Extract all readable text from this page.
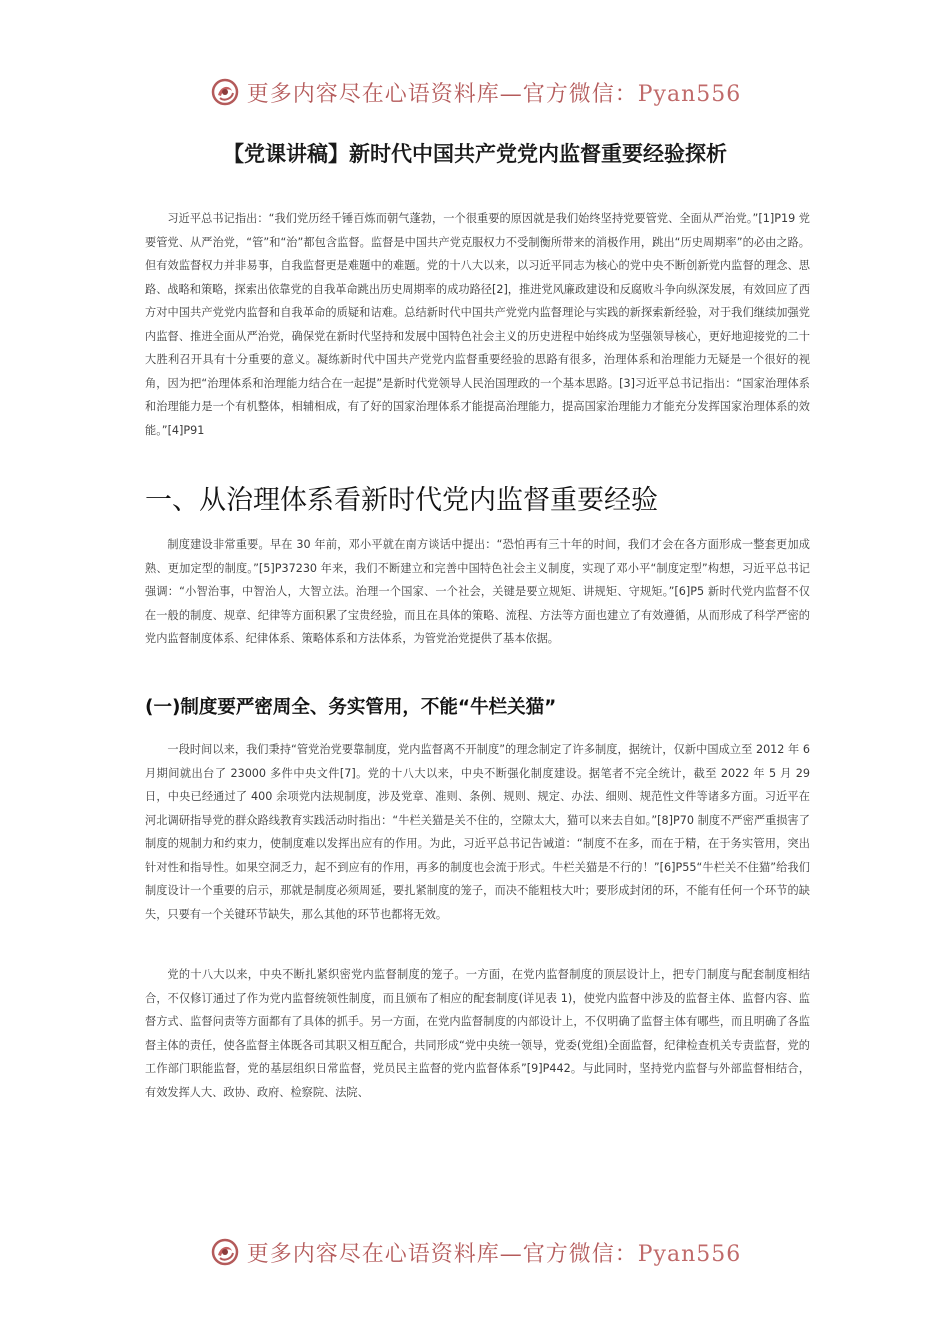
更多内容尽在心语资料库—官方微信：Pyan556
【党课讲稿】新时代中国共产党党内监督重要经验探析

习近平总书记指出：“我们党历经千锤百炼而朝气蓬勃，一个很重要的原因就是我们始终坚持党要管党、全面从严治党。”[1]P19 党要管党、从严治党，“管”和“治”都包含监督。监督是中国共产党克服权力不受制衡所带来的消极作用，跳出“历史周期率”的必由之路。但有效监督权力并非易事，自我监督更是难题中的难题。党的十八大以来，以习近平同志为核心的党中央不断创新党内监督的理念、思路、战略和策略，探索出依靠党的自我革命跳出历史周期率的成功路径[2]，推进党风廉政建设和反腐败斗争向纵深发展，有效回应了西方对中国共产党党内监督和自我革命的质疑和诘难。总结新时代中国共产党党内监督理论与实践的新探索新经验，对于我们继续加强党内监督、推进全面从严治党，确保党在新时代坚持和发展中国特色社会主义的历史进程中始终成为坚强领导核心，更好地迎接党的二十大胜利召开具有十分重要的意义。凝练新时代中国共产党党内监督重要经验的思路有很多，治理体系和治理能力无疑是一个很好的视角，因为把“治理体系和治理能力结合在一起提”是新时代党领导人民治国理政的一个基本思路。[3]习近平总书记指出：“国家治理体系和治理能力是一个有机整体，相辅相成，有了好的国家治理体系才能提高治理能力，提高国家治理能力才能充分发挥国家治理体系的效能。”[4]P91

一、从治理体系看新时代党内监督重要经验

制度建设非常重要。早在 30 年前，邓小平就在南方谈话中提出：“恐怕再有三十年的时间，我们才会在各方面形成一整套更加成熟、更加定型的制度。”[5]P37230 年来，我们不断建立和完善中国特色社会主义制度，实现了邓小平“制度定型”构想，习近平总书记强调：“小智治事，中智治人，大智立法。治理一个国家、一个社会，关键是要立规矩、讲规矩、守规矩。”[6]P5 新时代党内监督不仅在一般的制度、规章、纪律等方面积累了宝贵经验，而且在具体的策略、流程、方法等方面也建立了有效遵循，从而形成了科学严密的党内监督制度体系、纪律体系、策略体系和方法体系，为管党治党提供了基本依据。

(一)制度要严密周全、务实管用，不能“牛栏关猫”

一段时间以来，我们秉持“管党治党要靠制度，党内监督离不开制度”的理念制定了许多制度，据统计，仅新中国成立至 2012 年 6 月期间就出台了 23000 多件中央文件[7]。党的十八大以来，中央不断强化制度建设。据笔者不完全统计，截至 2022 年 5 月 29 日，中央已经通过了 400 余项党内法规制度，涉及党章、准则、条例、规则、规定、办法、细则、规范性文件等诸多方面。习近平在河北调研指导党的群众路线教育实践活动时指出：“牛栏关猫是关不住的，空隙太大，猫可以来去自如。”[8]P70 制度不严密严重损害了制度的规制力和约束力，使制度难以发挥出应有的作用。为此，习近平总书记告诫道：“制度不在多，而在于精，在于务实管用，突出针对性和指导性。如果空洞乏力，起不到应有的作用，再多的制度也会流于形式。牛栏关猫是不行的！”[6]P55“牛栏关不住猫”给我们制度设计一个重要的启示，那就是制度必须周延，要扎紧制度的笼子，而决不能粗枝大叶；要形成封闭的环，不能有任何一个环节的缺失，只要有一个关键环节缺失，那么其他的环节也都将无效。

党的十八大以来，中央不断扎紧织密党内监督制度的笼子。一方面，在党内监督制度的顶层设计上，把专门制度与配套制度相结合，不仅修订通过了作为党内监督统领性制度，而且颁布了相应的配套制度(详见表 1)，使党内监督中涉及的监督主体、监督内容、监督方式、监督问责等方面都有了具体的抓手。另一方面，在党内监督制度的内部设计上，不仅明确了监督主体有哪些，而且明确了各监督主体的责任，使各监督主体既各司其职又相互配合，共同形成“党中央统一领导，党委(党组)全面监督，纪律检查机关专责监督，党的工作部门职能监督，党的基层组织日常监督，党员民主监督的党内监督体系”[9]P442。与此同时，坚持党内监督与外部监督相结合，有效发挥人大、政协、政府、检察院、法院、

更多内容尽在心语资料库—官方微信：Pyan556
